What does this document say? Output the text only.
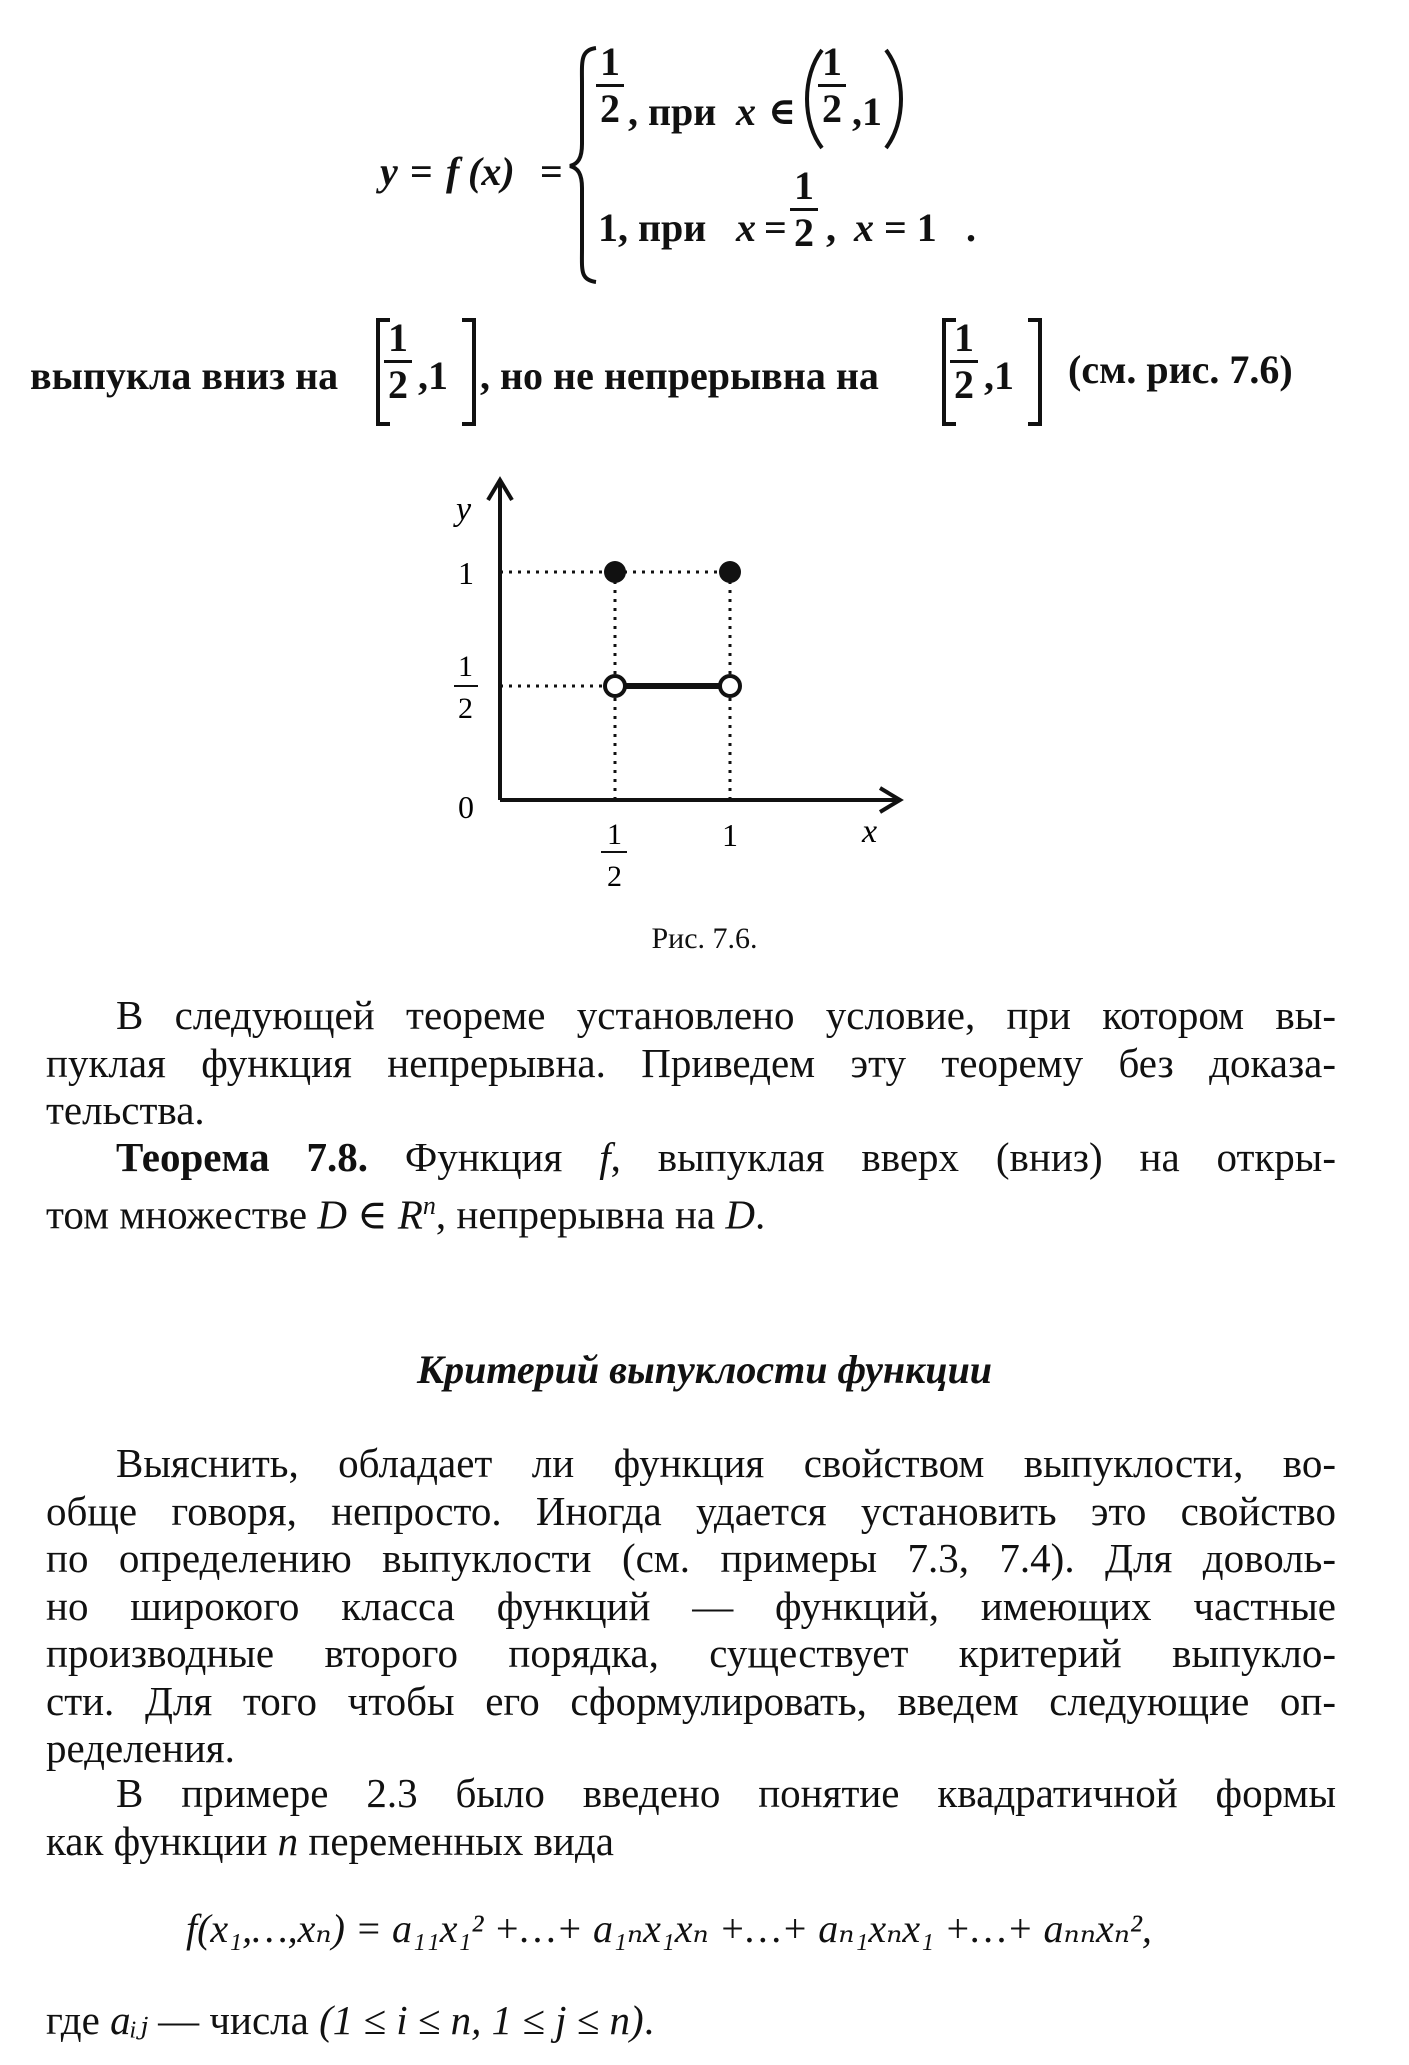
y = f (x) =
$\frac{1}{2}$ , при x ∈ $\frac{1}{2} ,1$
1, при $x = \frac{1}{2}$ , x = 1 .
выпукла вниз на $\frac{1}{2} ,1$ , но не непрерывна на $\frac{1}{2} ,1$ (см. рис. 7.6)
y
x
0
1
1
2
1
2
1
Рис. 7.6.
В следующей теореме установлено условие, при котором вы-
пуклая функция непрерывна. Приведем эту теорему без доказа-
тельства.
Теорема 7.8. Функция f, выпуклая вверх (вниз) на откры-
том множестве D ∈ $R^n$, непрерывна на D.
Критерий выпуклости функции
Выяснить, обладает ли функция свойством выпуклости, во-
обще говоря, непросто. Иногда удается установить это свойство
по определению выпуклости (см. примеры 7.3, 7.4). Для доволь-
но широкого класса функций — функций, имеющих частные
производные второго порядка, существует критерий выпукло-
сти. Для того чтобы его сформулировать, введем следующие оп-
ределения.
В примере 2.3 было введено понятие квадратичной формы
как функции n переменных вида
f(x₁,…,xₙ) = a₁₁x₁² +…+ a₁ₙx₁xₙ +…+ aₙ₁xₙx₁ +…+ aₙₙxₙ²,
где aᵢⱼ — числа (1 ≤ i ≤ n, 1 ≤ j ≤ n).
